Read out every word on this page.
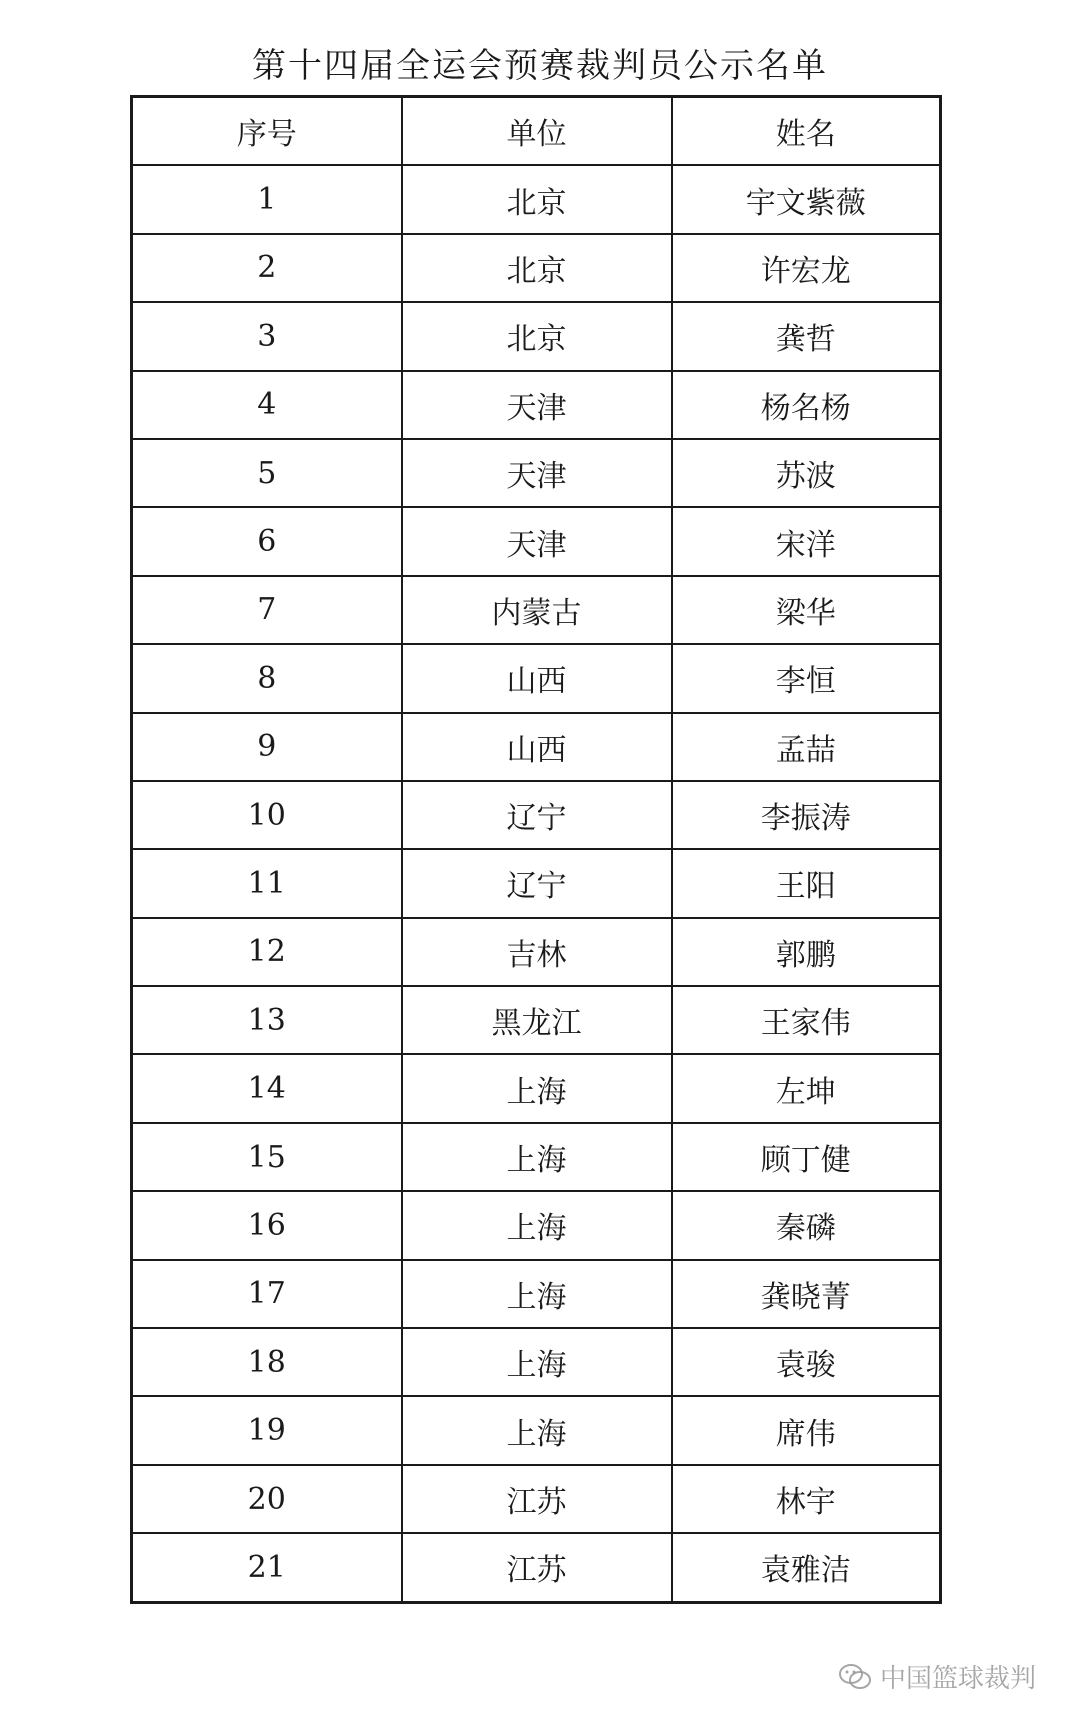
第十四届全运会预赛裁判员公示名单
序号	单位	姓名
1	北京	宇文紫薇
2	北京	许宏龙
3	北京	龚哲
4	天津	杨名杨
5	天津	苏波
6	天津	宋洋
7	内蒙古	梁华
8	山西	李恒
9	山西	孟喆
10	辽宁	李振涛
11	辽宁	王阳
12	吉林	郭鹏
13	黑龙江	王家伟
14	上海	左坤
15	上海	顾丁健
16	上海	秦磷
17	上海	龚晓菁
18	上海	袁骏
19	上海	席伟
20	江苏	林宇
21	江苏	袁雅洁
中国篮球裁判
